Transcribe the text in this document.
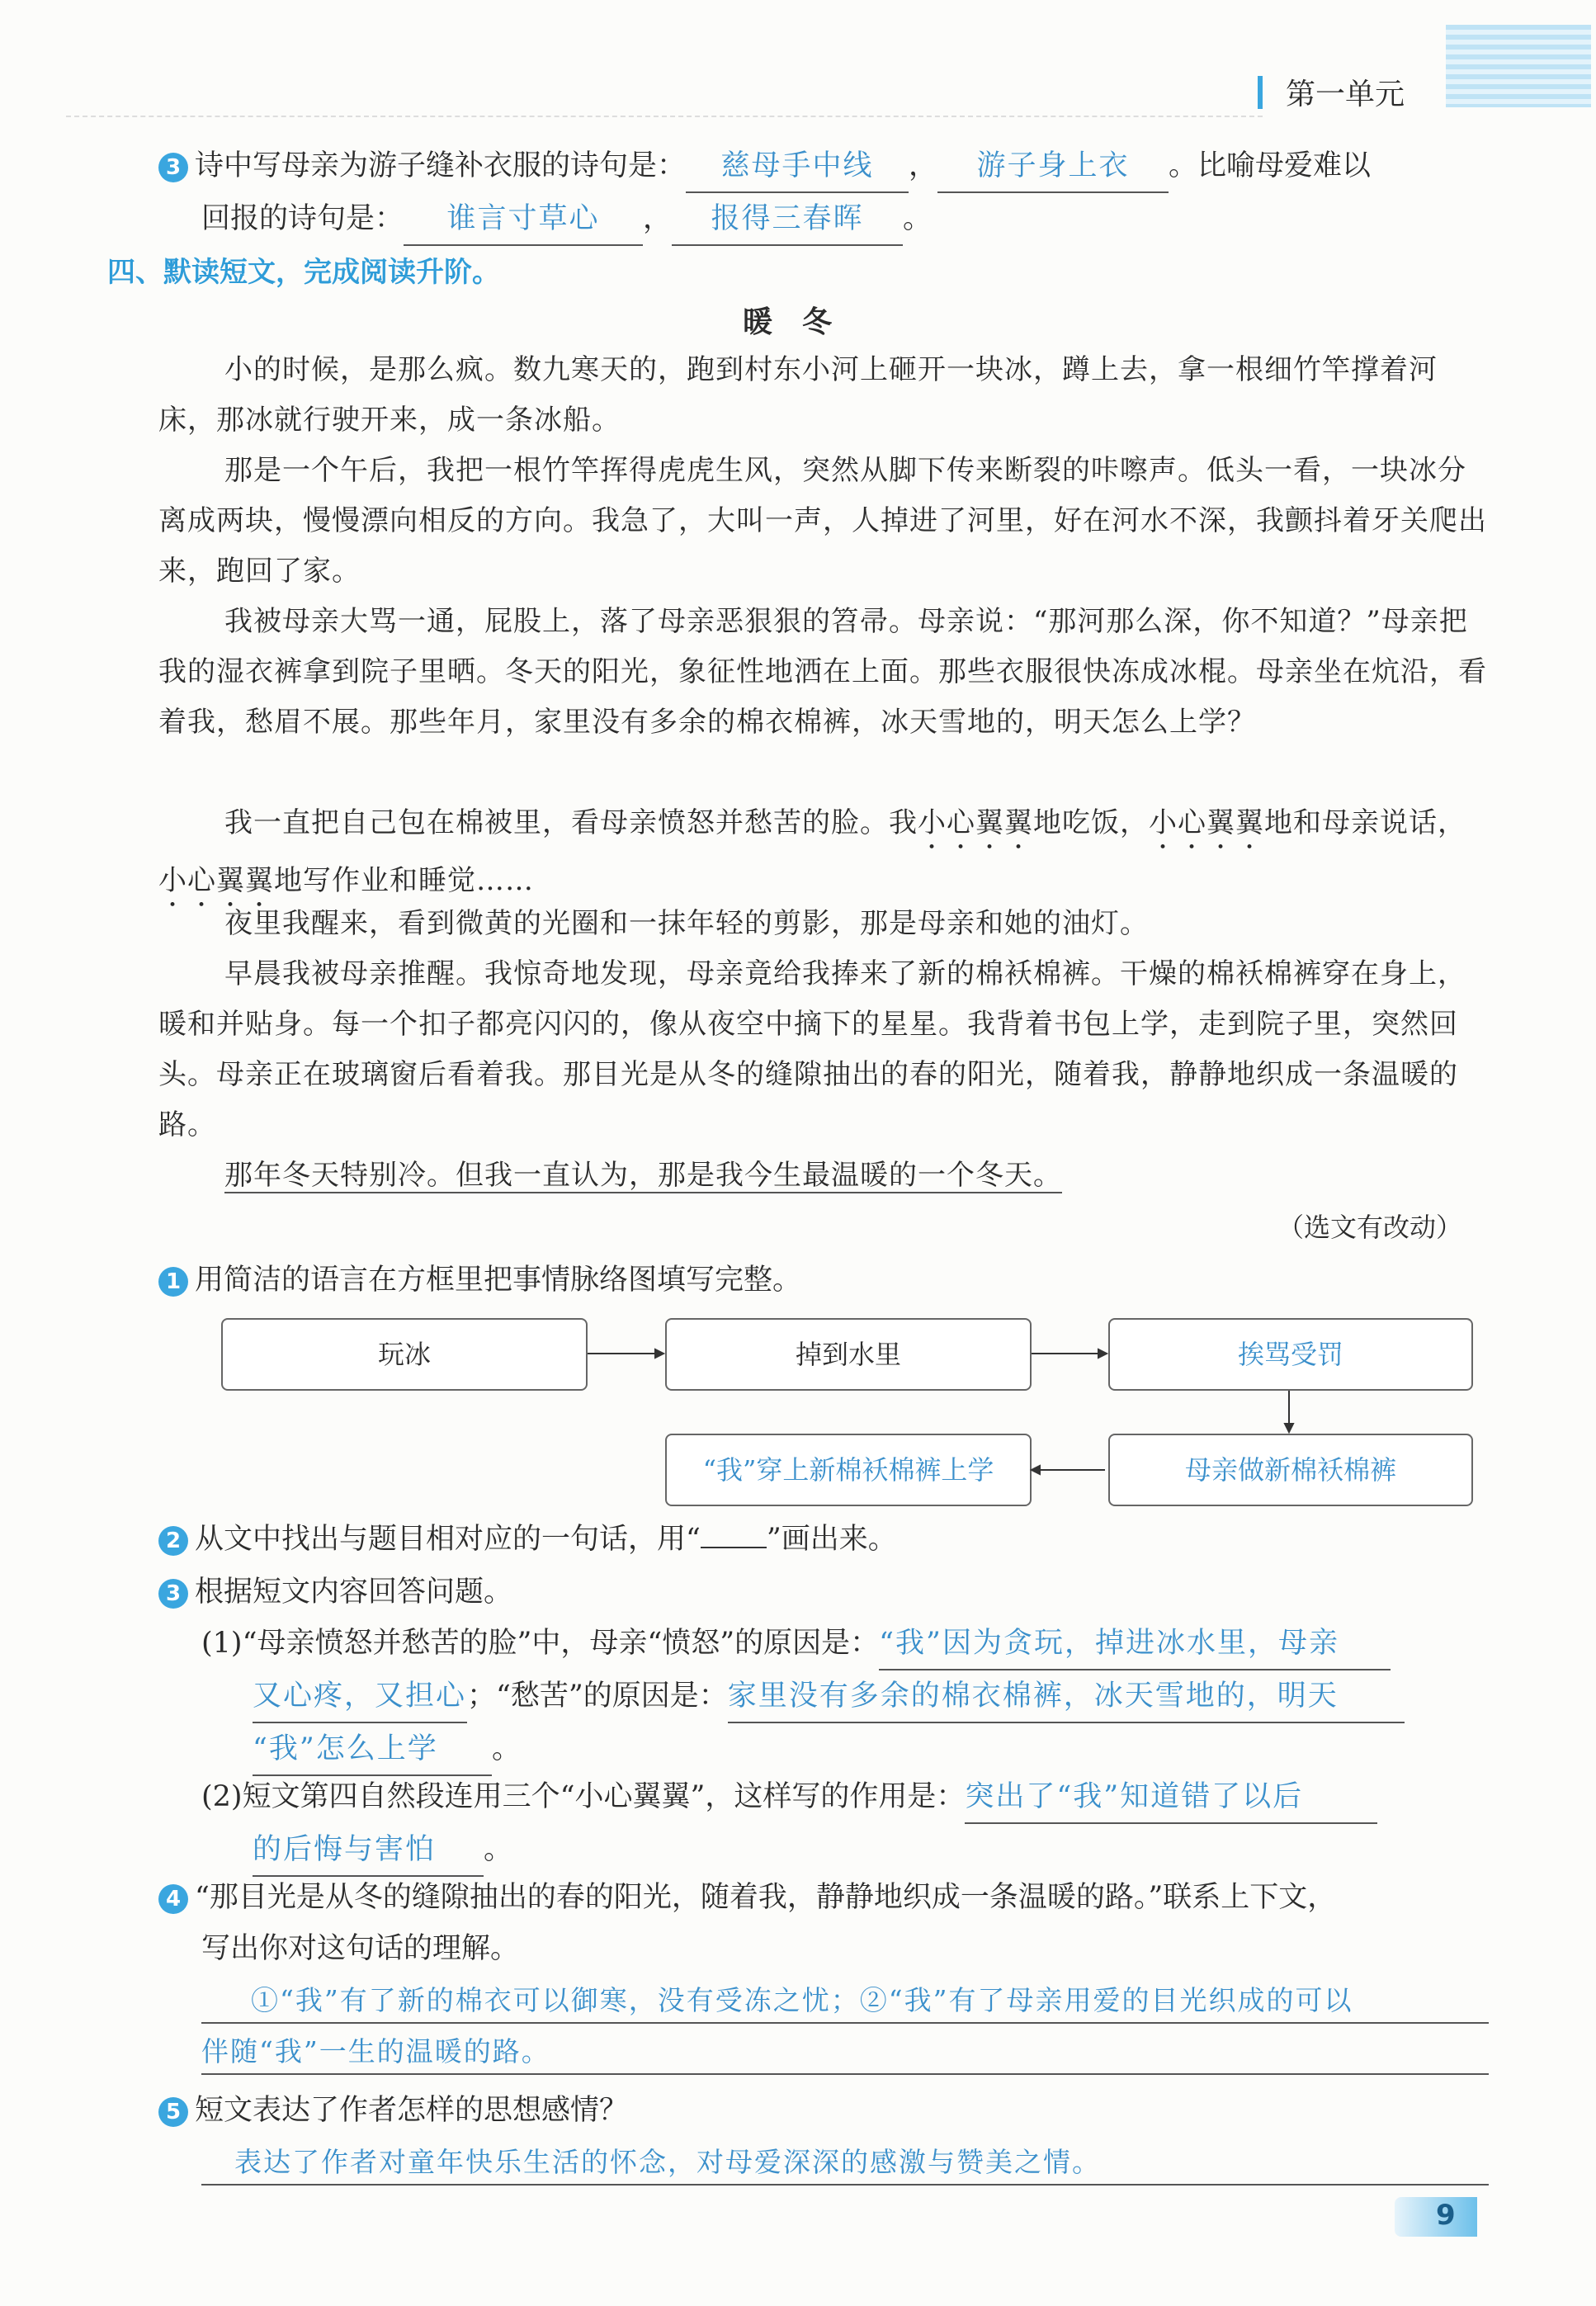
第一单元
3 诗中写母亲为游子缝补衣服的诗句是： 慈母手中线 ， 游子身上衣 。比喻母爱难以
回报的诗句是： 谁言寸草心 ， 报得三春晖 。
四、默读短文，完成阅读升阶。
暖　冬
小的时候，是那么疯。数九寒天的，跑到村东小河上砸开一块冰，蹲上去，拿一根细竹竿撑着河床，那冰就行驶开来，成一条冰船。
那是一个午后，我把一根竹竿挥得虎虎生风，突然从脚下传来断裂的咔嚓声。低头一看，一块冰分离成两块，慢慢漂向相反的方向。我急了，大叫一声，人掉进了河里，好在河水不深，我颤抖着牙关爬出来，跑回了家。
我被母亲大骂一通，屁股上，落了母亲恶狠狠的笤帚。母亲说：“那河那么深，你不知道？”母亲把我的湿衣裤拿到院子里晒。冬天的阳光，象征性地洒在上面。那些衣服很快冻成冰棍。母亲坐在炕沿，看着我，愁眉不展。那些年月，家里没有多余的棉衣棉裤，冰天雪地的，明天怎么上学？
我一直把自己包在棉被里，看母亲愤怒并愁苦的脸。我小心翼翼地吃饭，小心翼翼地和母亲说话，小心翼翼地写作业和睡觉……
夜里我醒来，看到微黄的光圈和一抹年轻的剪影，那是母亲和她的油灯。
早晨我被母亲推醒。我惊奇地发现，母亲竟给我捧来了新的棉袄棉裤。干燥的棉袄棉裤穿在身上，暖和并贴身。每一个扣子都亮闪闪的，像从夜空中摘下的星星。我背着书包上学，走到院子里，突然回头。母亲正在玻璃窗后看着我。那目光是从冬的缝隙抽出的春的阳光，随着我，静静地织成一条温暖的路。
那年冬天特别冷。但我一直认为，那是我今生最温暖的一个冬天。
（选文有改动）
1 用简洁的语言在方框里把事情脉络图填写完整。
玩冰	掉到水里	挨骂受罚
母亲做新棉袄棉裤
“我”穿上新棉袄棉裤上学
2 从文中找出与题目相对应的一句话，用“ ”画出来。
3 根据短文内容回答问题。
(1)“母亲愤怒并愁苦的脸”中，母亲“愤怒”的原因是：“我”因为贪玩，掉进冰水里，母亲
又心疼，又担心；“愁苦”的原因是：家里没有多余的棉衣棉裤，冰天雪地的，明天
“我”怎么上学 。
(2)短文第四自然段连用三个“小心翼翼”，这样写的作用是：突出了“我”知道错了以后
的后悔与害怕 。
4 “那目光是从冬的缝隙抽出的春的阳光，随着我，静静地织成一条温暖的路。”联系上下文，
写出你对这句话的理解。
①“我”有了新的棉衣可以御寒，没有受冻之忧；②“我”有了母亲用爱的目光织成的可以
伴随“我”一生的温暖的路。
5 短文表达了作者怎样的思想感情？
表达了作者对童年快乐生活的怀念，对母爱深深的感激与赞美之情。
9
